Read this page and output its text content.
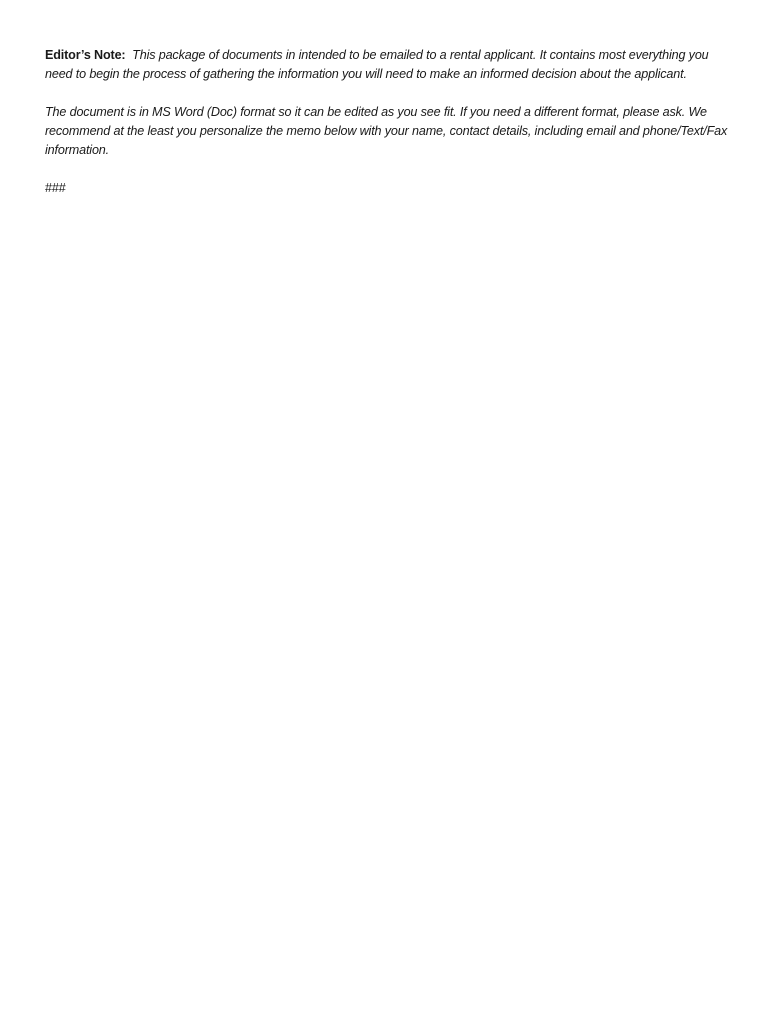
Editor’s Note: This package of documents in intended to be emailed to a rental applicant. It contains most everything you need to begin the process of gathering the information you will need to make an informed decision about the applicant.

The document is in MS Word (Doc) format so it can be edited as you see fit. If you need a different format, please ask. We recommend at the least you personalize the memo below with your name, contact details, including email and phone/Text/Fax information.

###
